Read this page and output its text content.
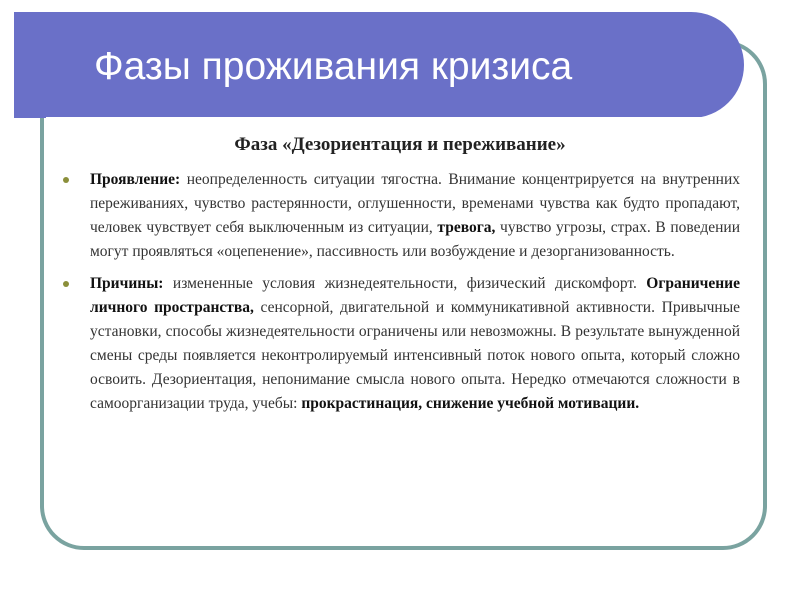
Фазы проживания кризиса
Фаза «Дезориентация и переживание»
Проявление: неопределенность ситуации тягостна. Внимание концентрируется на внутренних переживаниях, чувство растерянности, оглушенности, временами чувства как будто пропадают, человек чувствует себя выключенным из ситуации, тревога, чувство угрозы, страх. В поведении могут проявляться «оцепенение», пассивность или возбуждение и дезорганизованность.
Причины: измененные условия жизнедеятельности, физический дискомфорт. Ограничение личного пространства, сенсорной, двигательной и коммуникативной активности. Привычные установки, способы жизнедеятельности ограничены или невозможны. В результате вынужденной смены среды появляется неконтролируемый интенсивный поток нового опыта, который сложно освоить. Дезориентация, непонимание смысла нового опыта. Нередко отмечаются сложности в самоорганизации труда, учебы: прокрастинация, снижение учебной мотивации.
